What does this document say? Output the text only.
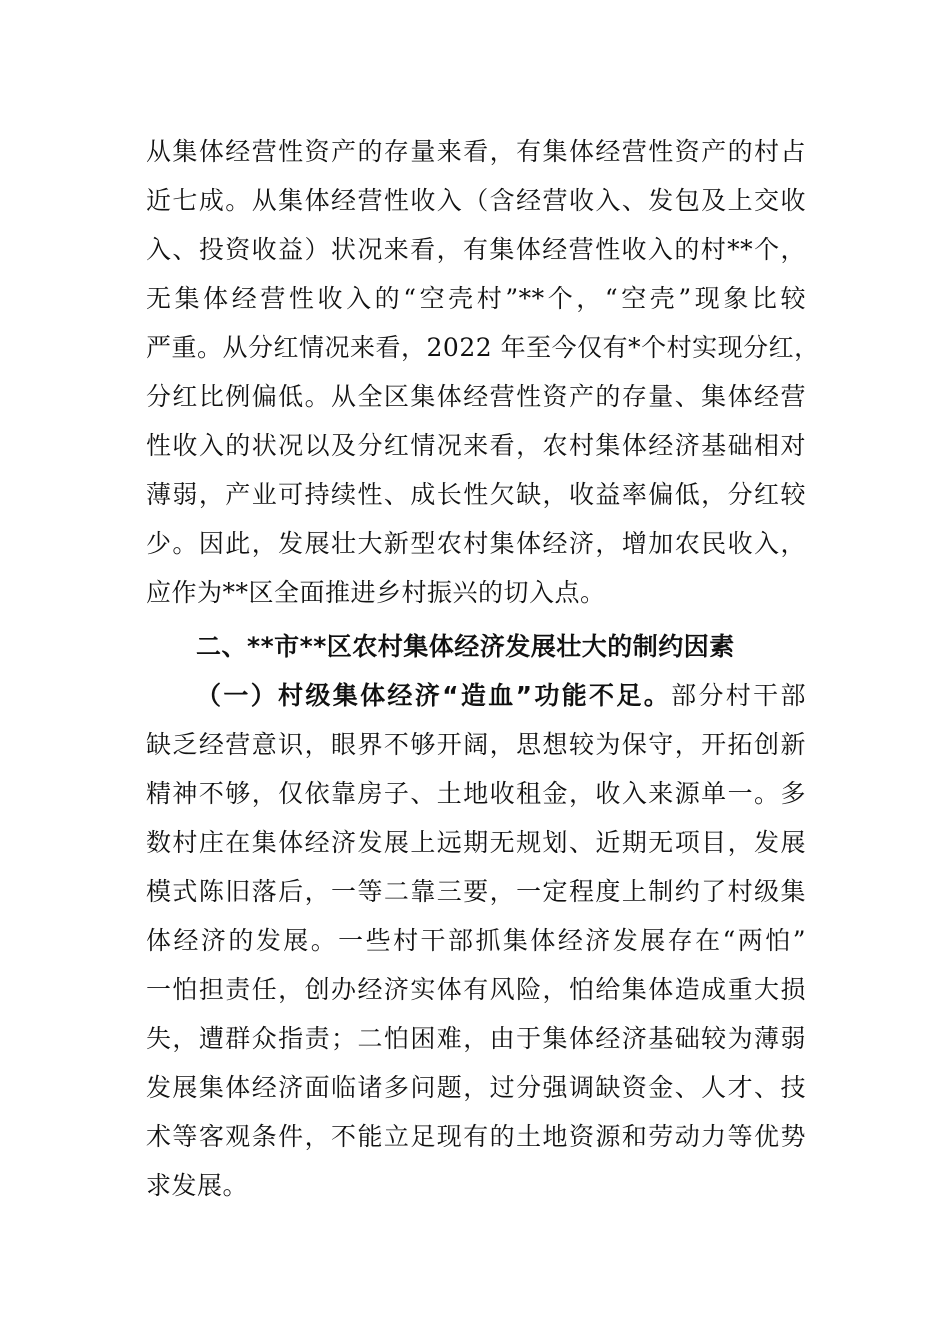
从集体经营性资产的存量来看，有集体经营性资产的村占
近七成。从集体经营性收入（含经营收入、发包及上交收
入、投资收益）状况来看，有集体经营性收入的村**个，
无集体经营性收入的“空壳村”**个，“空壳”现象比较
严重。从分红情况来看，2022 年至今仅有*个村实现分红，
分红比例偏低。从全区集体经营性资产的存量、集体经营
性收入的状况以及分红情况来看，农村集体经济基础相对
薄弱，产业可持续性、成长性欠缺，收益率偏低，分红较
少。因此，发展壮大新型农村集体经济，增加农民收入，
应作为**区全面推进乡村振兴的切入点。
二、**市**区农村集体经济发展壮大的制约因素
（一）村级集体经济“造血”功能不足。部分村干部
缺乏经营意识，眼界不够开阔，思想较为保守，开拓创新
精神不够，仅依靠房子、土地收租金，收入来源单一。多
数村庄在集体经济发展上远期无规划、近期无项目，发展
模式陈旧落后，一等二靠三要，一定程度上制约了村级集
体经济的发展。一些村干部抓集体经济发展存在“两怕”
一怕担责任，创办经济实体有风险，怕给集体造成重大损
失，遭群众指责；二怕困难，由于集体经济基础较为薄弱
发展集体经济面临诸多问题，过分强调缺资金、人才、技
术等客观条件，不能立足现有的土地资源和劳动力等优势
求发展。
